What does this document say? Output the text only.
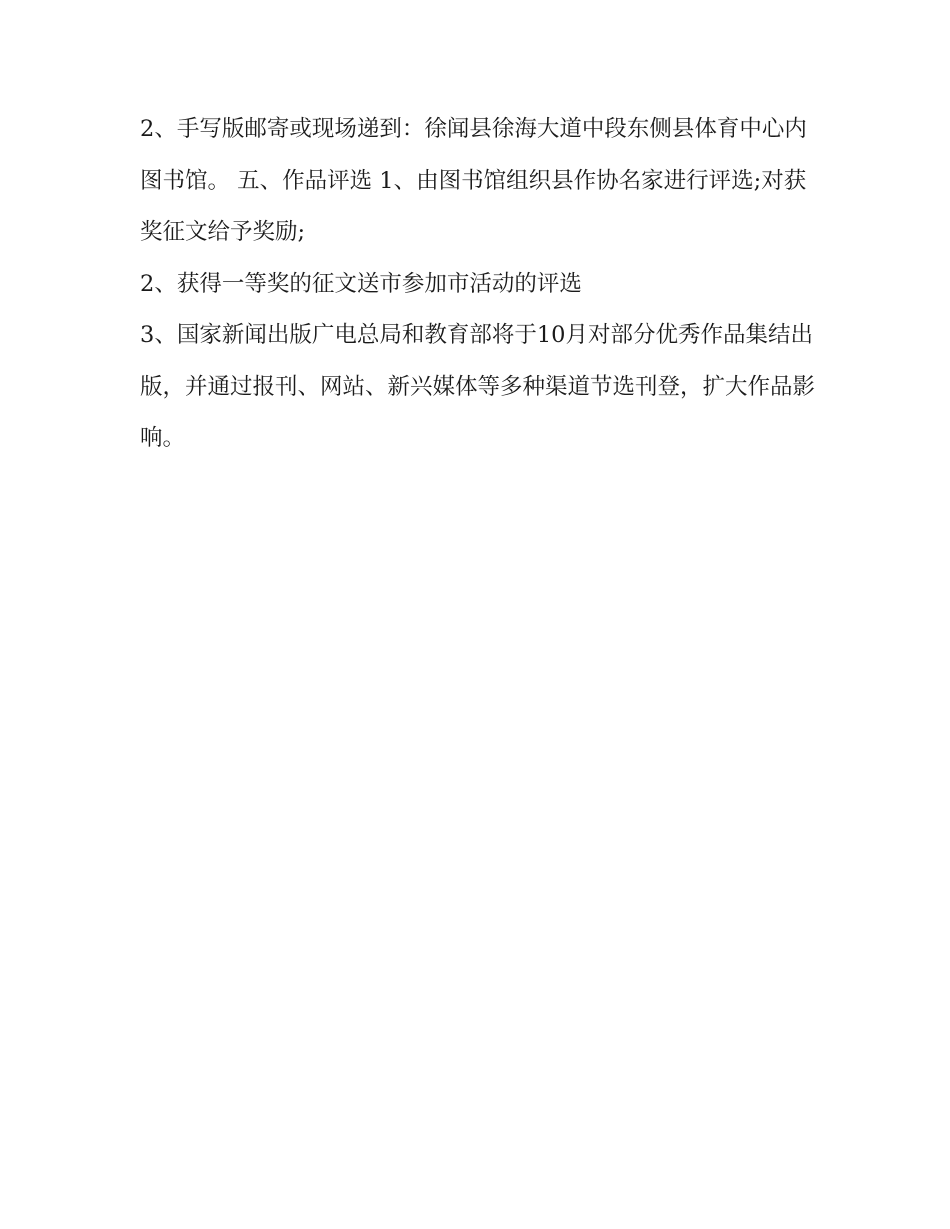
2、手写版邮寄或现场递到：徐闻县徐海大道中段东侧县体育中心内图书馆。 五、作品评选 1、由图书馆组织县作协名家进行评选;对获奖征文给予奖励;

2、获得一等奖的征文送市参加市活动的评选

3、国家新闻出版广电总局和教育部将于10月对部分优秀作品集结出版，并通过报刊、网站、新兴媒体等多种渠道节选刊登，扩大作品影响。
